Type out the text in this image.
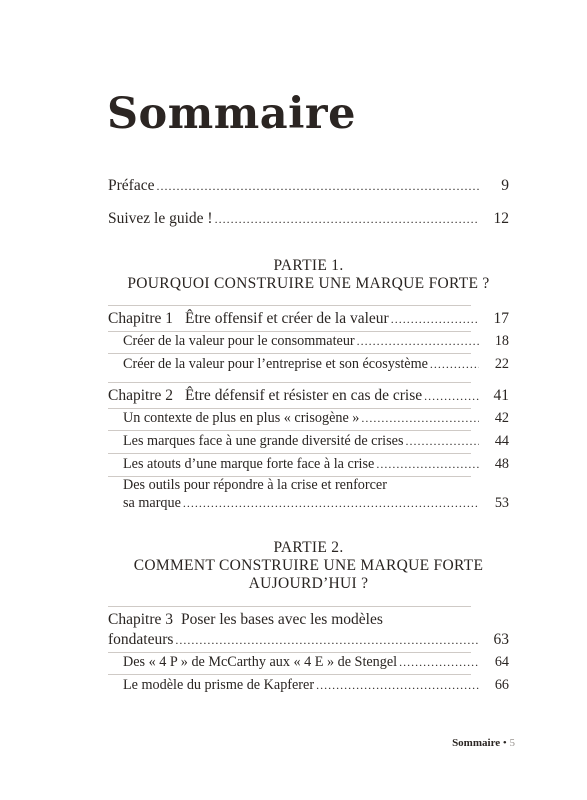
Sommaire
Préface .....	9
Suivez le guide ! .....	12
PARTIE 1.
POURQUOI CONSTRUIRE UNE MARQUE FORTE ?
Chapitre 1 Être offensif et créer de la valeur .....	17
Créer de la valeur pour le consommateur .....	18
Créer de la valeur pour l’entreprise et son écosystème .....	22
Chapitre 2 Être défensif et résister en cas de crise .....	41
Un contexte de plus en plus « crisogène » .....	42
Les marques face à une grande diversité de crises .....	44
Les atouts d’une marque forte face à la crise .....	48
Des outils pour répondre à la crise et renforcer
sa marque .....	53
PARTIE 2.
COMMENT CONSTRUIRE UNE MARQUE FORTE
AUJOURD’HUI ?
Chapitre 3 Poser les bases avec les modèles
fondateurs .....	63
Des « 4 P » de McCarthy aux « 4 E » de Stengel .....	64
Le modèle du prisme de Kapferer .....	66
Sommaire • 5
